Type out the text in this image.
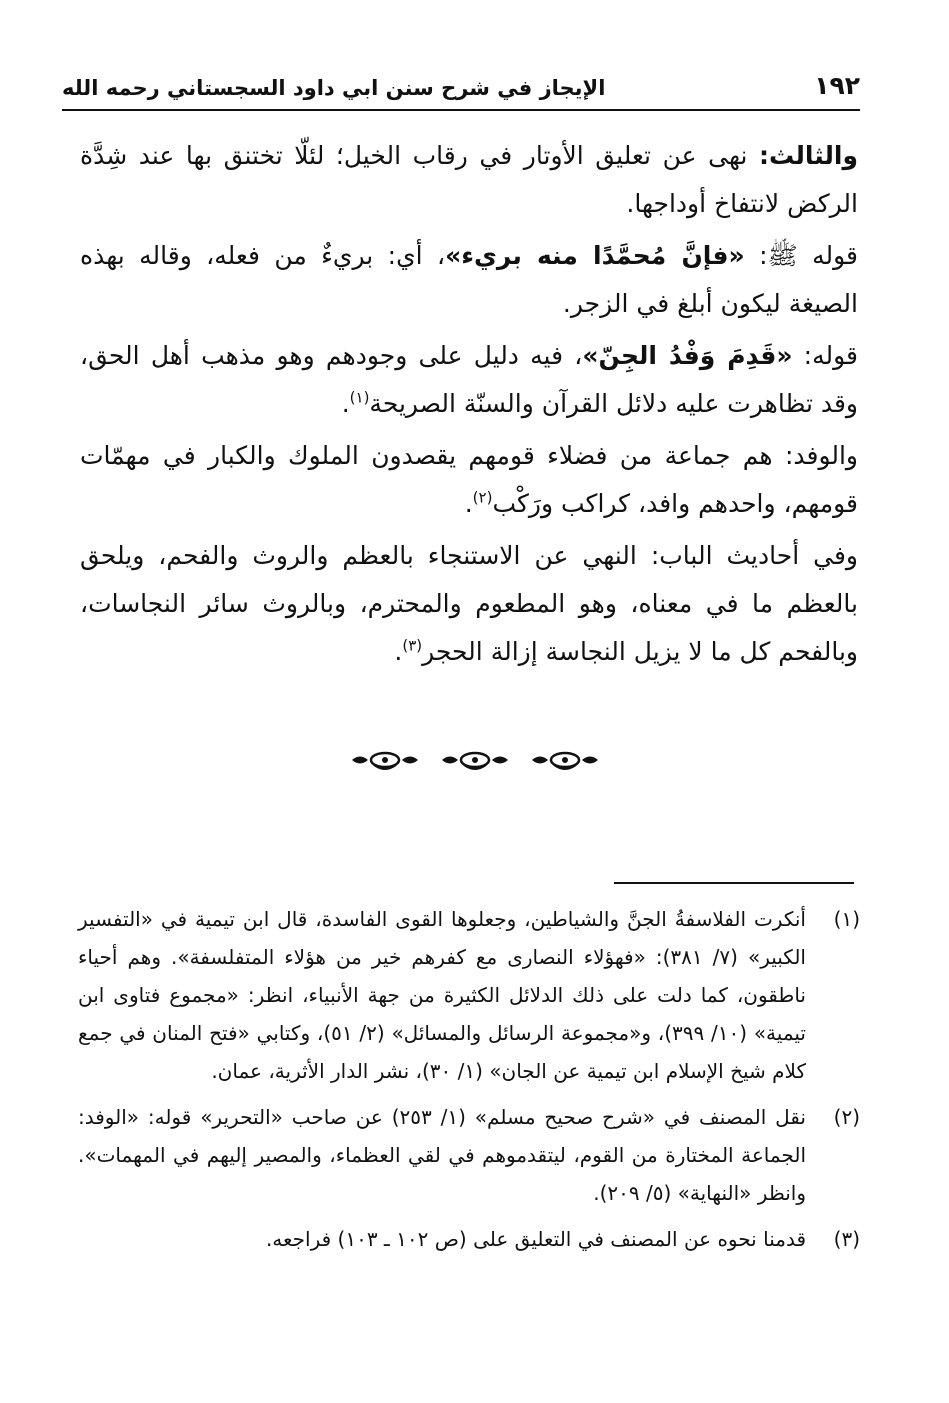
١٩٢
الإيجاز في شرح سنن ابي داود السجستاني رحمه الله

والثالث: نهى عن تعليق الأوتار في رقاب الخيل؛ لئلّا تختنق بها عند شِدَّة الركض لانتفاخ أوداجها.

قوله ﷺ: «فإنَّ مُحمَّدًا منه بريء»، أي: بريءٌ من فعله، وقاله بهذه الصيغة ليكون أبلغ في الزجر.

قوله: «قَدِمَ وَفْدُ الجِنّ»، فيه دليل على وجودهم وهو مذهب أهل الحق، وقد تظاهرت عليه دلائل القرآن والسنّة الصريحة$^{(١)}$.

والوفد: هم جماعة من فضلاء قومهم يقصدون الملوك والكبار في مهمّات قومهم، واحدهم وافد، كراكب ورَكْب$^{(٢)}$.

وفي أحاديث الباب: النهي عن الاستنجاء بالعظم والروث والفحم، ويلحق بالعظم ما في معناه، وهو المطعوم والمحترم، وبالروث سائر النجاسات، وبالفحم كل ما لا يزيل النجاسة إزالة الحجر$^{(٣)}$.

(١)
أنكرت الفلاسفةُ الجنَّ والشياطين، وجعلوها القوى الفاسدة، قال ابن تيمية في «التفسير الكبير» (٧/ ٣٨١): «فهؤلاء النصارى مع كفرهم خير من هؤلاء المتفلسفة». وهم أحياء ناطقون، كما دلت على ذلك الدلائل الكثيرة من جهة الأنبياء، انظر: «مجموع فتاوى ابن تيمية» (١٠/ ٣٩٩)، و«مجموعة الرسائل والمسائل» (٢/ ٥١)، وكتابي «فتح المنان في جمع كلام شيخ الإسلام ابن تيمية عن الجان» (١/ ٣٠)، نشر الدار الأثرية، عمان.
(٢)
نقل المصنف في «شرح صحيح مسلم» (١/ ٢٥٣) عن صاحب «التحرير» قوله: «الوفد: الجماعة المختارة من القوم، ليتقدموهم في لقي العظماء، والمصير إليهم في المهمات». وانظر «النهاية» (٥/ ٢٠٩).
(٣)
قدمنا نحوه عن المصنف في التعليق على (ص ١٠٢ ـ ١٠٣) فراجعه.
